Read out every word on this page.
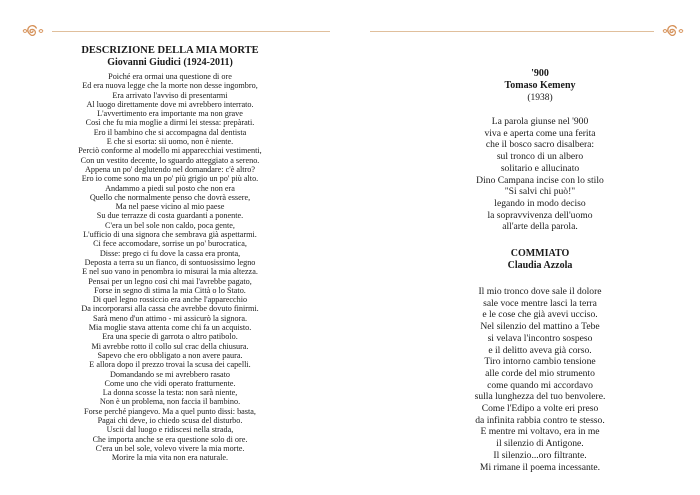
DESCRIZIONE DELLA MIA MORTE
Giovanni Giudici (1924-2011)
Poiché era ormai una questione di ore
Ed era nuova legge che la morte non desse ingombro,
Era arrivato l'avviso di presentarmi
Al luogo direttamente dove mi avrebbero interrato.
L'avvertimento era importante ma non grave
Così che fu mia moglie a dirmi lei stessa: prepàrati.
Ero il bambino che si accompagna dal dentista
E che si esorta: sii uomo, non è niente.
Perciò conforme al modello mi apparecchiai vestimenti,
Con un vestito decente, lo sguardo atteggiato a sereno.
Appena un po' deglutendo nel domandare: c'è altro?
Ero io come sono ma un po' più grigio un po' più alto.
Andammo a piedi sul posto che non era
Quello che normalmente penso che dovrà essere,
Ma nel paese vicino al mio paese
Su due terrazze di costa guardanti a ponente.
C'era un bel sole non caldo, poca gente,
L'ufficio di una signora che sembrava già aspettarmi.
Ci fece accomodare, sorrise un po' burocratica,
Disse: prego ci fu dove la cassa era pronta,
Deposta a terra su un fianco, di sontuosissimo legno
E nel suo vano in penombra io misurai la mia altezza.
Pensai per un legno così chi mai l'avrebbe pagato,
Forse in segno di stima la mia Città o lo Stato.
Di quel legno rossiccio era anche l'apparecchio
Da incorporarsi alla cassa che avrebbe dovuto finirmi.
Sarà meno d'un attimo - mi assicurò la signora.
Mia moglie stava attenta come chi fa un acquisto.
Era una specie di garrota o altro patibolo.
Mi avrebbe rotto il collo sul crac della chiusura.
Sapevo che ero obbligato a non avere paura.
E allora dopo il prezzo trovai la scusa dei capelli.
Domandando se mi avrebbero rasato
Come uno che vidi operato fratturnente.
La donna scosse la testa: non sarà niente,
Non è un problema, non faccia il bambino.
Forse perché piangevo. Ma a quel punto dissi: basta,
Pagai chi deve, io chiedo scusa del disturbo.
Uscii dal luogo e ridiscesi nella strada,
Che importa anche se era questione solo di ore.
C'era un bel sole, volevo vivere la mia morte.
Morire la mia vita non era naturale.
'900
Tomaso Kemeny
(1938)
La parola giunse nel '900
viva e aperta come una ferita
che il bosco sacro disalbera:
sul tronco di un albero
solitario e allucinato
Dino Campana incise con lo stilo
"Si salvi chi può!"
legando in modo deciso
la sopravvivenza dell'uomo
all'arte della parola.
COMMIATO
Claudia Azzola
Il mio tronco dove sale il dolore
sale voce mentre lasci la terra
e le cose che già avevi ucciso.
Nel silenzio del mattino a Tebe
si velava l'incontro sospeso
e il delitto aveva già corso.
Tiro intorno cambio tensione
alle corde del mio strumento
come quando mi accordavo
sulla lunghezza del tuo benvolere.
Come l'Edipo a volte eri preso
da infinita rabbia contro te stesso.
E mentre mi voltavo, era in me
il silenzio di Antigone.
Il silenzio...oro filtrante.
Mi rimane il poema incessante.
